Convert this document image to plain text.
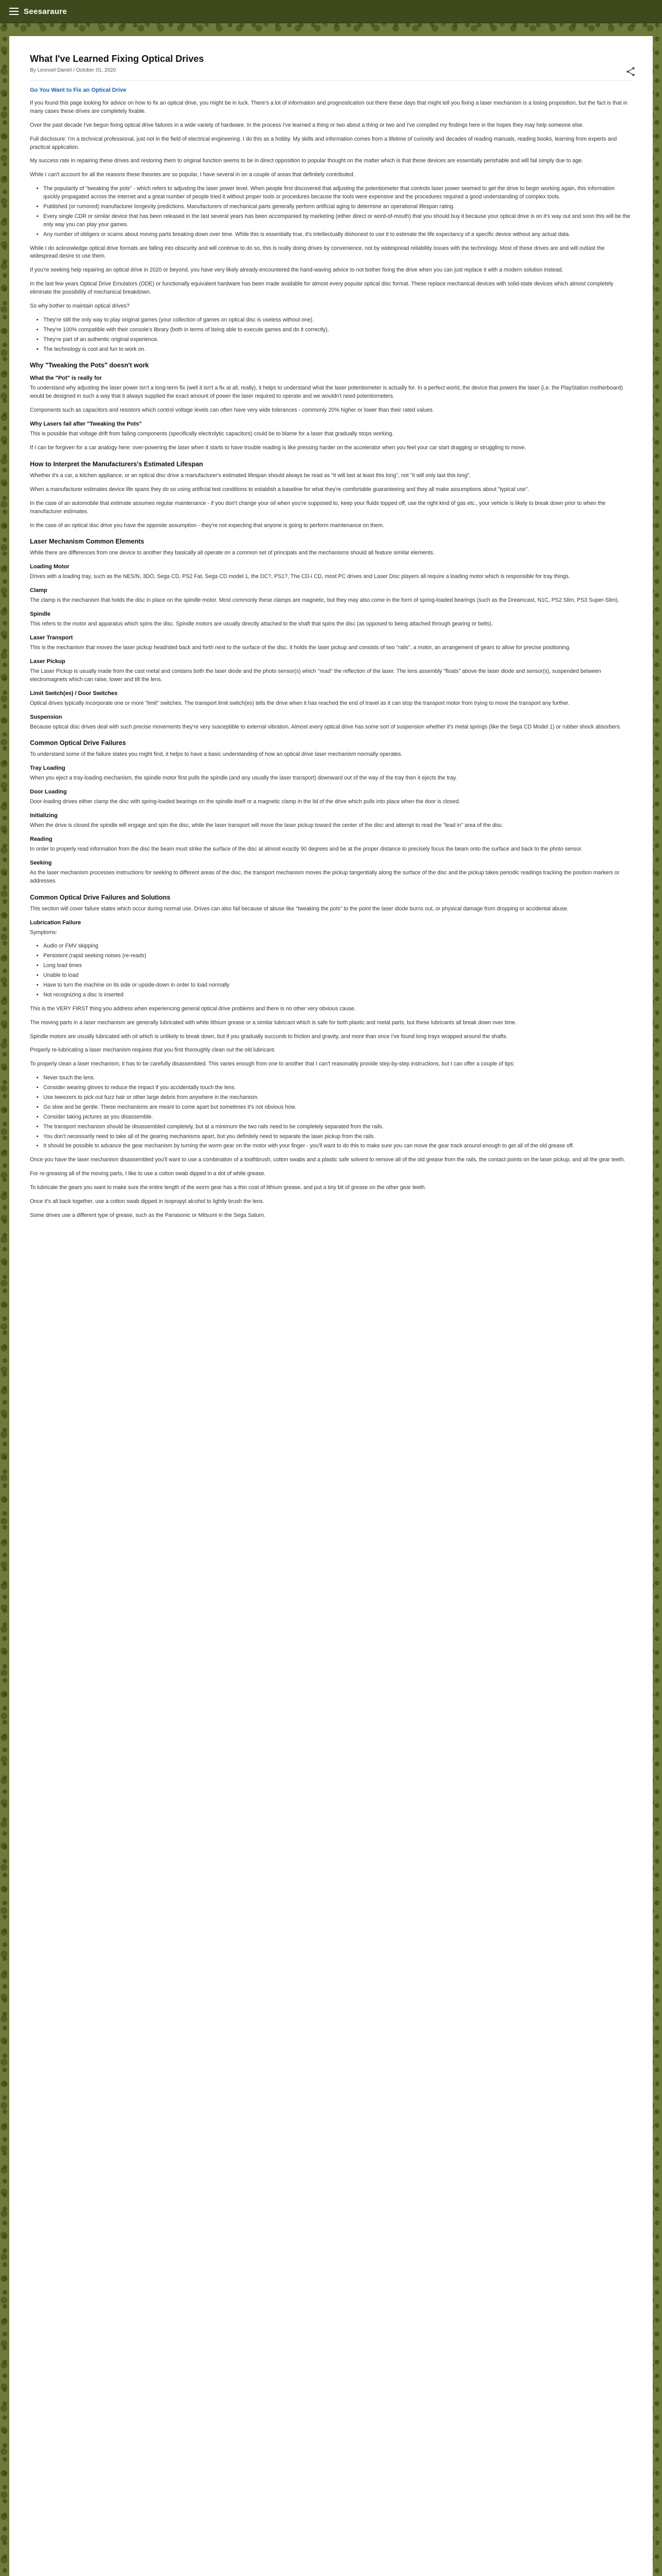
Seesaraure
What I've Learned Fixing Optical Drives
By Leonoel Daniel / October 01, 2020
Go You Want to Fix an Optical Drive

If you found this page looking for advice on how to fix an optical drive, you might be in luck. There's a lot of information and prognostication out there these days that might tell you fixing a laser mechanism is a losing proposition, but the fact is that in many cases these drives are completely fixable.

Over the past decade I've begun fixing optical drive failures in a wide variety of hardware. In the process I've learned a thing or two about a thing or two and I've compiled my findings here in the hopes they may help someone else.

Full disclosure: I'm a technical professional, just not in the field of electrical engineering. I do this as a hobby. My skills and information comes from a lifetime of curiosity and decades of reading manuals, reading books, learning from experts and practical application.

My success rate in repairing these drives and restoring them to original function seems to be in direct opposition to popular thought on the matter which is that these devices are essentially perishable and will fail simply due to age.

While I can't account for all the reasons these theories are so popular, I have several in on a couple of areas that definitely contributed.

• The popularity of "tweaking the pots" - which refers to adjusting the laser power level. When people first discovered that adjusting the potentiometer that controls laser power seemed to get the drive to begin working again, this information quickly propagated across the internet and a great number of people tried it without proper tools or procedures because the tools were expensive and the procedures required a good understanding of complex tools.
• Published (or rumored) manufacturer longevity predictions. Manufacturers of mechanical parts generally perform artificial aging to determine an operational lifespan rating.
• Every single CDR or similar device that has been released in the last several years has been accompanied by marketing (either direct or word-of-mouth) that you should buy it because your optical drive is on it's way out and soon this will be the only way you can play your games.
• Any number of obligers or scams about moving parts breaking down over time. While this is essentially true, it's intellectually dishonest to use it to estimate the life expectancy of a specific device without any actual data.

While I do acknowledge optical drive formats are falling into obscurity and will continue to do so, this is really doing drives by convenience, not by widespread reliability issues with the technology. Most of these drives are and will outlast the widespread desire to use them.

If you're seeking help repairing an optical drive in 2020 or beyond, you have very likely already encountered the hand-waving advice to not bother fixing the drive when you can just replace it with a modern solution instead.

In the last few years Optical Drive Emulators (ODE) or functionally equivalent hardware has been made available for almost every popular optical disc format. These replace mechanical devices with solid-state devices which almost completely eliminate the possibility of mechanical breakdown.

So why bother to maintain optical drives?

• They're still the only way to play original games (your collection of games on optical disc is useless without one).
• They're 100% compatible with their console's library (both in terms of being able to execute games and do it correctly).
• They're part of an authentic original experience.
• The technology is cool and fun to work on.
Why "Tweaking the Pots" doesn't work
What the "Pot" is really for

To understand why adjusting the laser power isn't a long-term fix (well it isn't a fix at all, really), it helps to understand what the laser potentiometer is actually for. In a perfect world, the device that powers the laser (i.e. the PlayStation motherboard) would be designed in such a way that it always supplied the exact amount of power the laser required to operate and we wouldn't need potentiometers.

Components such as capacitors and resistors which control voltage levels can often have very wide tolerances - commonly 20% higher or lower than their rated values.

Why Lasers fail after "Tweaking the Pots"

This is possible that voltage drift from failing components (specifically electrolytic capacitors) could be to blame for a laser that gradually stops working.

If I can be forgiven for a car analogy here: over-powering the laser when it starts to have trouble reading is like pressing harder on the accelerator when you feel your car start dragging or struggling to move.

How to Interpret the Manufacturers's Estimated Lifespan

Whether it's a car, a kitchen appliance, or an optical disc drive a manufacturer's estimated lifespan should always be read as "it will last at least this long", not "it will only last this long".

When a manufacturer estimates device life spans they do so using artificial test conditions to establish a baseline for what they're comfortable guaranteeing and they all make assumptions about "typical use".

In the case of an automobile that estimate assumes regular maintenance - if you don't change your oil when you're supposed to, keep your fluids topped off, use the right kind of gas etc., your vehicle is likely to break down prior to when the manufacturer estimates.

In the case of an optical disc drive you have the opposite assumption - they're not expecting that anyone is going to perform maintenance on them.

Laser Mechanism Common Elements

While there are differences from one device to another they basically all operate on a common set of principals and the mechanisms should all feature similar elements.

Loading Motor

Drives with a loading tray, such as the NES/N, 3DO, Sega CD, PS2 Fat, Sega CD model 1, the DC?, PS1?, The CD-i CD, most PC drives and Laser Disc players all require a loading motor which is responsible for tray things.

Clamp

The clamp is the mechanism that holds the disc in place on the spindle motor. Most commonly these clamps are magnetic, but they may also come in the form of spring-loaded bearings (such as the Dreamcast, N1C, PS2 Slim, PS3 Super-Slim).

Spindle

This refers to the motor and apparatus which spins the disc. Spindle motors are usually directly attached to the shaft that spins the disc (as opposed to being attached through gearing or belts).

Laser Transport

This is the mechanism that moves the laser pickup head/sled back and forth next to the surface of the disc. It holds the laser pickup and consists of two "rails", a motor, an arrangement of gears to allow for precise positioning.

Laser Pickup

The Laser Pickup is usually made from the cast metal and contains both the laser diode and the photo sensor(s) which "read" the reflection of the laser. The lens assembly "floats" above the laser diode and sensor(s), suspended between electromagnets which can raise, lower and tilt the lens.

Limit Switch(es) / Door Switches

Optical drives typically incorporate one or more "limit" switches. The transport limit switch(es) tells the drive when it has reached the end of travel as it can stop the transport motor from trying to move the transport any further.

Suspension

Because optical disc drives deal with such precise movements they're very susceptible to external vibration. Almost every optical drive has some sort of suspension whether it's metal springs (like the Sega CD Model 1) or rubber shock absorbers.

Common Optical Drive Failures

To understand some of the failure states you might find, it helps to have a basic understanding of how an optical drive laser mechanism normally operates.

Tray Loading

When you eject a tray-loading mechanism, the spindle motor first pulls the spindle (and any usually the laser transport) downward out of the way of the tray then it ejects the tray.

Door Loading

Door-loading drives either clamp the disc with spring-loaded bearings on the spindle itself or a magnetic clamp in the lid of the drive which pulls into place when the door is closed.

Initializing

When the drive is closed the spindle will engage and spin the disc, while the laser transport will move the laser pickup toward the center of the disc and attempt to read the "lead in" area of the disc.

Reading

In order to properly read information from the disc the beam must strike the surface of the disc at almost exactly 90 degrees and be at the proper distance to precisely focus the beam onto the surface and back to the photo sensor.

Seeking

As the laser mechanism processes instructions for seeking to different areas of the disc, the transport mechanism moves the pickup tangentially along the surface of the disc and the pickup takes periodic readings tracking the position markers or addresses.

Common Optical Drive Failures and Solutions

This section will cover failure states which occur during normal use. Drives can also fail because of abuse like "tweaking the pots" to the point the laser diode burns out, or physical damage from dropping or accidental abuse.

Lubrication Failure

Symptoms:

• Audio or FMV skipping
• Persistent (rapid seeking noises (re-reads)
• Long load times
• Unable to load
• Have to turn the machine on its side or upside-down in order to load normally
• Not recognizing a disc is inserted

This is the VERY FIRST thing you address when experiencing general optical drive problems and there is no other very obvious cause.

The moving parts in a laser mechanism are generally lubricated with white lithium grease or a similar lubricant which is safe for both plastic and metal parts, but these lubricants all break down over time.

Spindle motors are usually lubricated with oil which is unlikely to break down, but if you gradually succumb to friction and gravity, and more than once I've found long trays wrapped around the shafts.

Properly re-lubricating a laser mechanism requires that you first thoroughly clean out the old lubricant.

To properly clean a laser mechanism, it has to be carefully disassembled. This varies enough from one to another that I can't reasonably provide step-by-step instructions, but I can offer a couple of tips:

• Never touch the lens.
• Consider wearing gloves to reduce the impact if you accidentally touch the lens.
• Use tweezers to pick out fuzz hair or other large debris from anywhere in the mechanism.
• Go slow and be gentle. These mechanisms are meant to come apart but sometimes it's not obvious how.
• Consider taking pictures as you disassemble.
• The transport mechanism should be disassembled completely, but at a minimum the two rails need to be completely separated from the rails.
• You don't necessarily need to take all of the gearing mechanisms apart, but you definitely need to separate the laser pickup from the rails.
• It should be possible to advance the gear mechanism by turning the worm gear on the motor with your finger - you'll want to do this to make sure you can move the gear track around enough to get all of the old grease off.

Once you have the laser mechanism disassembled you'll want to use a combination of a toothbrush, cotton swabs and a plastic safe solvent to remove all of the old grease from the rails, the contact points on the laser pickup, and all the gear teeth.

For re-greasing all of the moving parts, I like to use a cotton swab dipped in a dot of white grease.

To lubricate the gears you want to make sure the entire length of the worm gear has a thin coat of lithium grease, and put a tiny bit of grease on the other gear teeth.

Once it's all back together, use a cotton swab dipped in isopropyl alcohol to lightly brush the lens.

Some drives use a different type of grease, such as the Panasonic or Mitsumi in the Sega Saturn.
